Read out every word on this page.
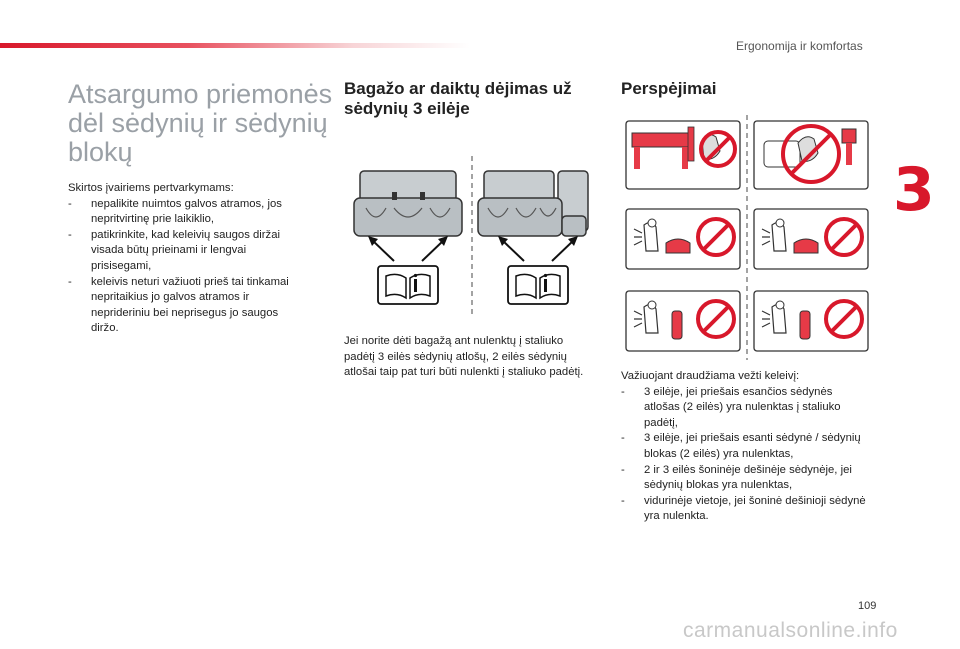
Ergonomija ir komfortas
3
Atsargumo priemonės dėl sėdynių ir sėdynių blokų

Skirtos įvairiems pertvarkymams:

- nepalikite nuimtos galvos atramos, jos nepritvirtinę prie laikiklio,
- patikrinkite, kad keleivių saugos diržai visada būtų prieinami ir lengvai prisisegami,
- keleivis neturi važiuoti prieš tai tinkamai nepritaikius jo galvos atramos ir neprideriniu bei neprisegus jo saugos diržo.
Bagažo ar daiktų dėjimas už sėdynių 3 eilėje

Jei norite dėti bagažą ant nulenktų į staliuko padėtį 3 eilės sėdynių atlošų, 2 eilės sėdynių atlošai taip pat turi būti nulenkti į staliuko padėtį.

Perspėjimai

Važiuojant draudžiama vežti keleivį:

- 3 eilėje, jei priešais esančios sėdynės atlošas (2 eilės) yra nulenktas į staliuko padėtį,
- 3 eilėje, jei priešais esanti sėdynė / sėdynių blokas (2 eilės) yra nulenktas,
- 2 ir 3 eilės šoninėje dešinėje sėdynėje, jei sėdynių blokas yra nulenktas,
- vidurinėje vietoje, jei šoninė dešinioji sėdynė yra nulenkta.
109
carmanualsonline.info
